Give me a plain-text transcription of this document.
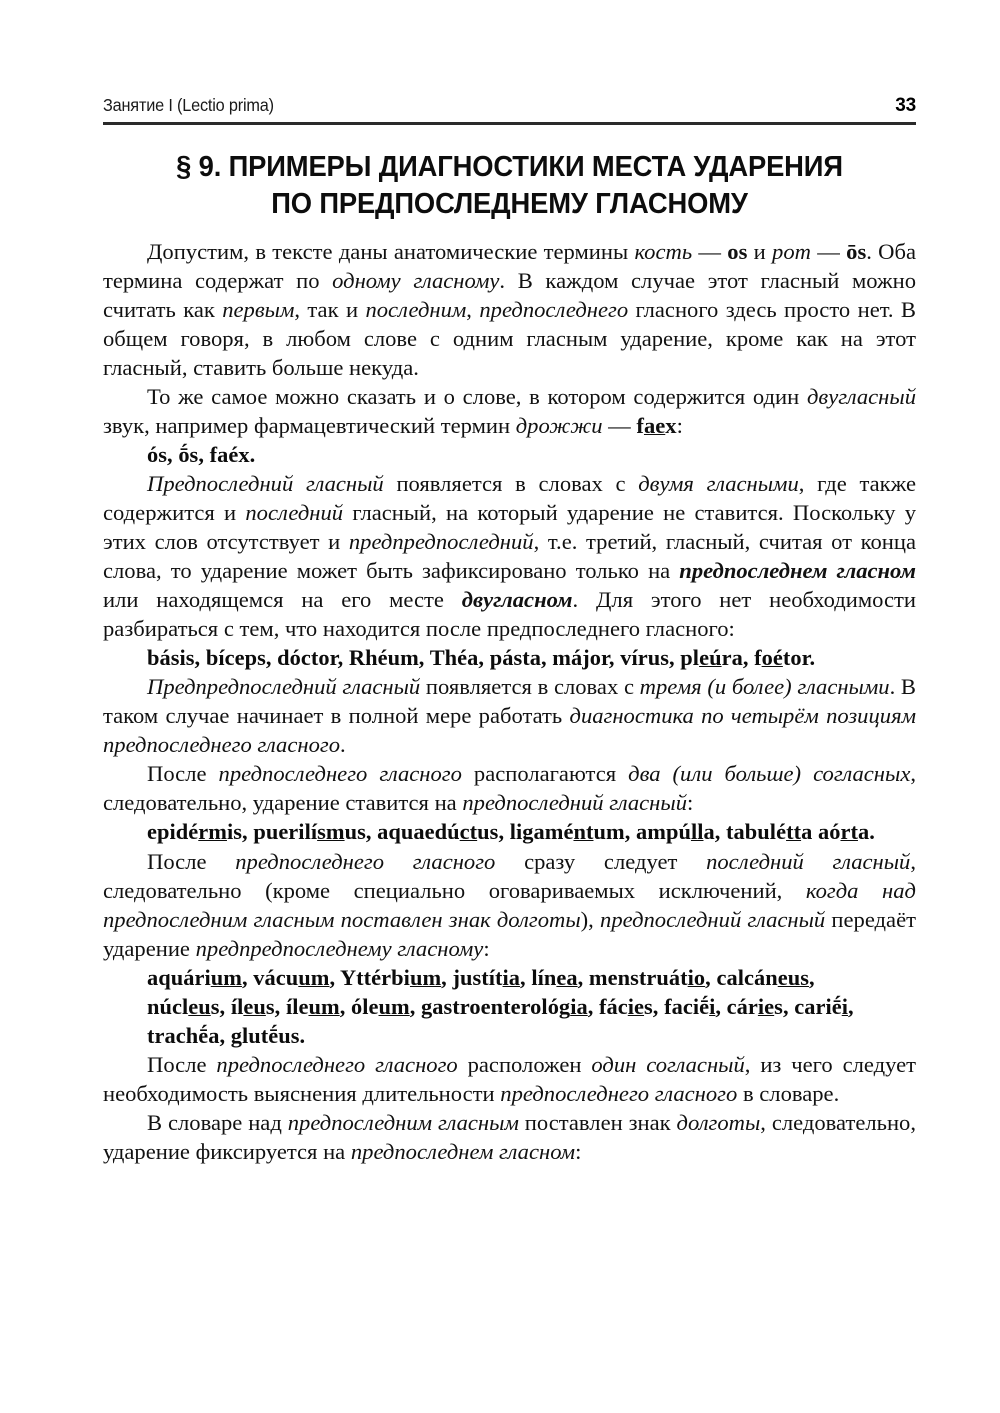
Занятие I (Lectio prima)	33
§ 9. ПРИМЕРЫ ДИАГНОСТИКИ МЕСТА УДАРЕНИЯ
ПО ПРЕДПОСЛЕДНЕМУ ГЛАСНОМУ

Допустим, в тексте даны анатомические термины кость — os и рот — ōs. Оба термина содержат по одному гласному. В каждом случае этот гласный можно считать как первым, так и последним, предпоследнего гласного здесь просто нет. В общем говоря, в любом слове с одним гласным ударение, кроме как на этот гласный, ставить больше некуда.

То же самое можно сказать и о слове, в котором содержится один двугласный звук, например фармацевтический термин дрожжи — faex:

ós, ṓs, faéx.

Предпоследний гласный появляется в словах с двумя гласными, где также содержится и последний гласный, на который ударение не ставится. Поскольку у этих слов отсутствует и предпредпоследний, т.е. третий, гласный, считая от конца слова, то ударение может быть зафиксировано только на предпоследнем гласном или находящемся на его месте двугласном. Для этого нет необходимости разбираться с тем, что находится после предпоследнего гласного:

básis, bíceps, dóctor, Rhéum, Théa, pásta, májor, vírus, pleúra, foétor.

Предпредпоследний гласный появляется в словах с тремя (и более) гласными. В таком случае начинает в полной мере работать диагностика по четырём позициям предпоследнего гласного.

После предпоследнего гласного располагаются два (или больше) согласных, следовательно, ударение ставится на предпоследний гласный:

epidérmis, puerilísmus, aquaedúctus, ligaméntum, ampúlla, tabulétta aórta.

После предпоследнего гласного сразу следует последний гласный, следовательно (кроме специально оговариваемых исключений, когда над предпоследним гласным поставлен знак долготы), предпоследний гласный передаёт ударение предпредпоследнему гласному:

aquárium, vácuum, Yttérbium, justítia, línea, menstruátio, calcáneus,

núcleus, íleus, íleum, óleum, gastroenterológia, fácies, faciḗi, cáries, cariḗi,

trachḗa, glutḗus.

После предпоследнего гласного расположен один согласный, из чего следует необходимость выяснения длительности предпоследнего гласного в словаре.

В словаре над предпоследним гласным поставлен знак долготы, следовательно, ударение фиксируется на предпоследнем гласном:
